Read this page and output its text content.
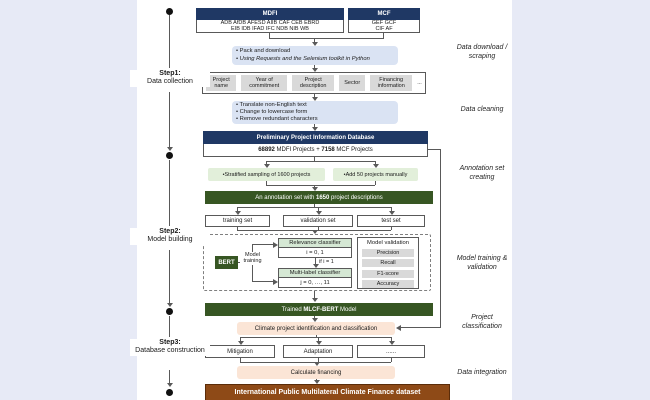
Step1:
Data collection
Step2:
Model building
Step3:
Database construction
MDFI
ADB AfDB AFESD AIIB CAF CEB EBRD
EIB IDB IFAD IFC NDB NIB WB
MCF
GEF GCF
CIF AF
• Pack and download
• Using Requests and the Selenium toolkit in Python
Project name
Year of commitment
Project description
Sector
Financing information	...
• Translate non-English text
• Change to lowercase form
• Remove redundant characters
Preliminary Project Information Database
68892 MDFI Projects + 7158 MCF Projects
• Stratified sampling of 1600 projects	• Add 50 projects manually
An annotation set with 1650 project descriptions
training set	validation set	test set
BERT
Model training
Relevance classifier
i = 0, 1
if i = 1
Multi-label classifier
j = 0, …, 11
Model validation
Precision
Recall
F1-score
Accuracy
Trained MLCF-BERT Model
Climate project identification and classification
Mitigation	Adaptation	......
Calculate financing
International Public Multilateral Climate Finance dataset
Data download / scraping
Data cleaning
Annotation set creating
Model training & validation
Project classification
Data integration
